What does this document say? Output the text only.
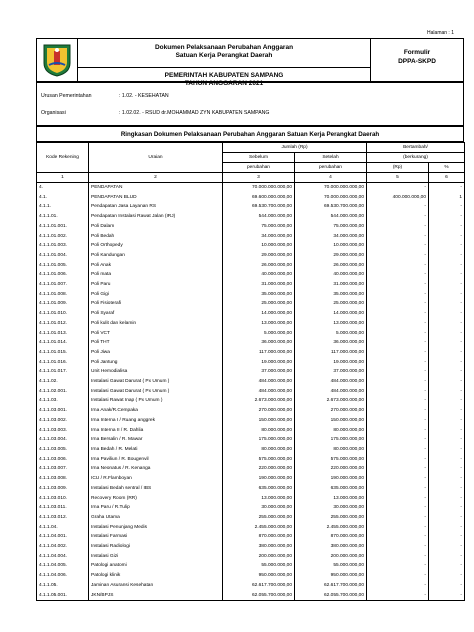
Halaman : 1
Dokumen Pelaksanaan Perubahan Anggaran
Satuan Kerja Perangkat Daerah
PEMERINTAH KABUPATEN SAMPANG
TAHUN ANGGARAN 2021
Formulir
DPPA-SKPD
Urusan Pemerintahan	: 1.02. - KESEHATAN
Organisasi	: 1.02.02. - RSUD dr.MOHAMMAD ZYN KABUPATEN SAMPANG
Ringkasan Dokumen Pelaksanaan Perubahan Anggaran Satuan Kerja Perangkat Daerah
Kode Rekening	Uraian	Jumlah (Rp)		Bertambah/	
		Sebelum	Setelah	(berkurang)	
		perubahan	perubahan	(Rp)	%
1	2	3	4	5	6
4.	PENDAPATAN	70.000.000.000,00	70.000.000.000,00	-	-
4.1.	PENDAPATAN BLUD	69.600.000.000,00	70.000.000.000,00	400.000.000,00	1
4.1.1.	Pendapatan Jasa Layanan RS	69.530.700.000,00	69.530.700.000,00	-	-
4.1.1.01.	Pendapatan Instalasi Rawat Jalan (IRJ)	544.000.000,00	544.000.000,00	-	-
4.1.1.01.001.	Poli Dalam	75.000.000,00	75.000.000,00	-	-
4.1.1.01.002.	Poli Bedah	34.000.000,00	34.000.000,00	-	-
4.1.1.01.003.	Poli Orthopedy	10.000.000,00	10.000.000,00	-	-
4.1.1.01.004.	Poli Kandungan	29.000.000,00	29.000.000,00	-	-
4.1.1.01.005.	Poli Anak	26.000.000,00	26.000.000,00	-	-
4.1.1.01.006.	Poli mata	40.000.000,00	40.000.000,00	-	-
4.1.1.01.007.	Poli Paru	31.000.000,00	31.000.000,00	-	-
4.1.1.01.008.	Poli Gigi	35.000.000,00	35.000.000,00	-	-
4.1.1.01.009.	Poli Fisioterafi	25.000.000,00	25.000.000,00	-	-
4.1.1.01.010.	Poli Syaraf	14.000.000,00	14.000.000,00	-	-
4.1.1.01.012.	Poli kulit dan kelamin	13.000.000,00	13.000.000,00	-	-
4.1.1.01.013.	Poli VCT	5.000.000,00	5.000.000,00	-	-
4.1.1.01.014.	Poli THT	36.000.000,00	36.000.000,00	-	-
4.1.1.01.015.	Poli Jiwa	117.000.000,00	117.000.000,00	-	-
4.1.1.01.016.	Poli Jantung	19.000.000,00	19.000.000,00	-	-
4.1.1.01.017.	Unit Hemodialisa	37.000.000,00	37.000.000,00	-	-
4.1.1.02.	Instalasi Gawat Darurat ( Px Umum )	484.000.000,00	484.000.000,00	-	-
4.1.1.02.001.	Instalasi Gawat Darurat ( Px Umum )	484.000.000,00	484.000.000,00	-	-
4.1.1.03.	Instalasi Rawat Inap ( Px Umum )	2.673.000.000,00	2.673.000.000,00	-	-
4.1.1.03.001.	Irna Anak/R.Cempaka	270.000.000,00	270.000.000,00	-	-
4.1.1.03.002.	Irna Interna I / Ruang anggrek	150.000.000,00	150.000.000,00	-	-
4.1.1.03.003.	Irna Interna II / R. Dahlia	80.000.000,00	80.000.000,00	-	-
4.1.1.03.004.	Irna Bersalin / R. Mawar	175.000.000,00	175.000.000,00	-	-
4.1.1.03.005.	Irna Bedah / R. Melati	80.000.000,00	80.000.000,00	-	-
4.1.1.03.006.	Irna Paviliun / R. Bougenvil	575.000.000,00	575.000.000,00	-	-
4.1.1.03.007.	Irna Neonatus / R. Kenanga	220.000.000,00	220.000.000,00	-	-
4.1.1.03.008.	ICU / R.Flamboyan	190.000.000,00	190.000.000,00	-	-
4.1.1.03.009.	Instalasi Bedah sentral / IBS	635.000.000,00	635.000.000,00	-	-
4.1.1.03.010.	Recovery Room (RR)	13.000.000,00	13.000.000,00	-	-
4.1.1.03.011.	Irna Paru / R.Tulip	30.000.000,00	30.000.000,00	-	-
4.1.1.03.012.	Graha Utama	255.000.000,00	255.000.000,00	-	-
4.1.1.04.	Instalasi Penunjang Medis	2.455.000.000,00	2.455.000.000,00	-	-
4.1.1.04.001.	Instalasi Farmasi	870.000.000,00	870.000.000,00	-	-
4.1.1.04.002.	Instalasi Radiologi	380.000.000,00	380.000.000,00	-	-
4.1.1.04.004.	Instalasi Gizi	200.000.000,00	200.000.000,00	-	-
4.1.1.04.005.	Patologi anatomi	55.000.000,00	55.000.000,00	-	-
4.1.1.04.006.	Patologi klinik	950.000.000,00	950.000.000,00	-	-
4.1.1.05.	Jaminan Asuransi Kesehatan	62.617.700.000,00	62.617.700.000,00	-	-
4.1.1.05.001.	JKN/BPJS	62.055.700.000,00	62.055.700.000,00	-	-
